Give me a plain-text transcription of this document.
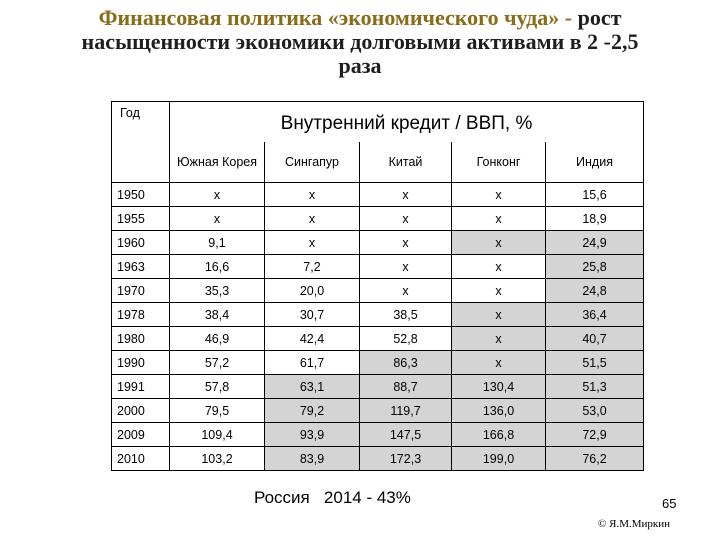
Финансовая политика «экономического чуда» - рост
насыщенности экономики долговыми активами в 2 -2,5
раза
Год	Внутренний кредит / ВВП, %				
	Южная Корея	Сингапур	Китай	Гонконг	Индия
1950	x	x	x	x	15,6
1955	x	x	x	x	18,9
1960	9,1	x	x	x	24,9
1963	16,6	7,2	x	x	25,8
1970	35,3	20,0	x	x	24,8
1978	38,4	30,7	38,5	x	36,4
1980	46,9	42,4	52,8	x	40,7
1990	57,2	61,7	86,3	x	51,5
1991	57,8	63,1	88,7	130,4	51,3
2000	79,5	79,2	119,7	136,0	53,0
2009	109,4	93,9	147,5	166,8	72,9
2010	103,2	83,9	172,3	199,0	76,2
Россия 2014 - 43%	65
© Я.М.Миркин
